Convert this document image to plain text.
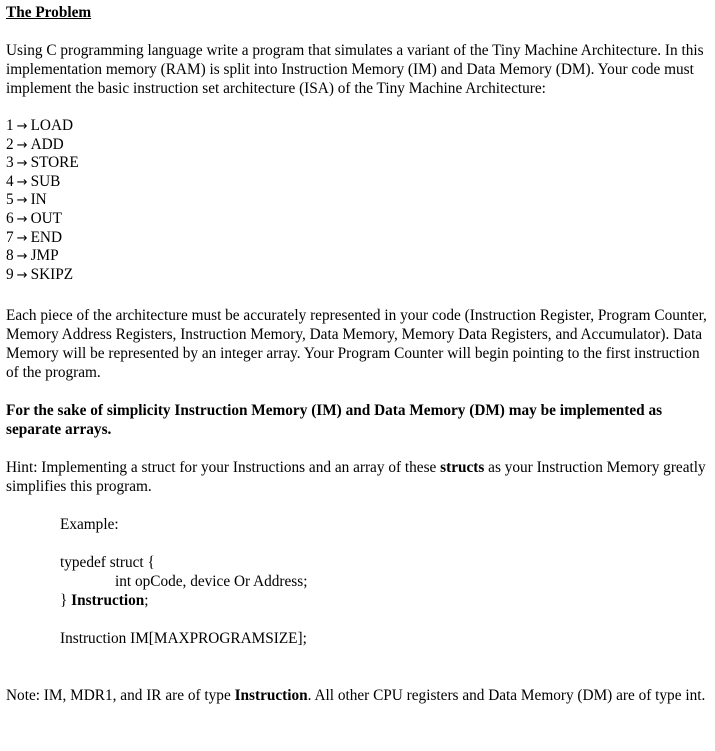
The Problem

Using C programming language write a program that simulates a variant of the Tiny Machine Architecture. In this implementation memory (RAM) is split into Instruction Memory (IM) and Data Memory (DM). Your code must implement the basic instruction set architecture (ISA) of the Tiny Machine Architecture:

1 → LOAD
2 → ADD
3 → STORE
4 → SUB
5 → IN
6 → OUT
7 → END
8 → JMP
9 → SKIPZ

Each piece of the architecture must be accurately represented in your code (Instruction Register, Program Counter, Memory Address Registers, Instruction Memory, Data Memory, Memory Data Registers, and Accumulator). Data Memory will be represented by an integer array. Your Program Counter will begin pointing to the first instruction of the program.

For the sake of simplicity Instruction Memory (IM) and Data Memory (DM) may be implemented as separate arrays.

Hint: Implementing a struct for your Instructions and an array of these structs as your Instruction Memory greatly simplifies this program.

Example:
typedef struct {
int opCode, device Or Address;
} Instruction;
Instruction IM[MAXPROGRAMSIZE];

Note: IM, MDR1, and IR are of type Instruction. All other CPU registers and Data Memory (DM) are of type int.
